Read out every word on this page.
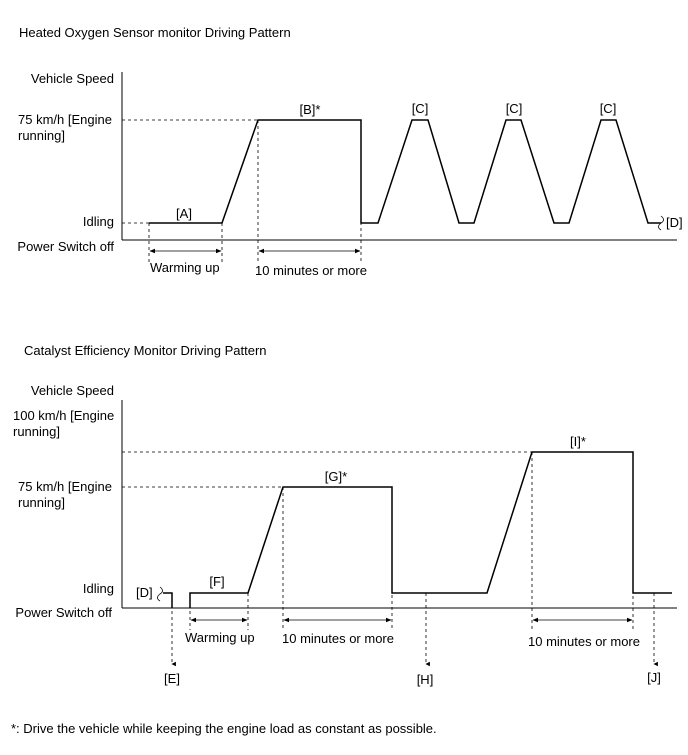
Heated Oxygen Sensor monitor Driving Pattern
Vehicle Speed
75 km/h [Engine
running]
Idling
Power Switch off
Warming up	10 minutes or more
[A]
[B]*	[C]	[C]	[C]
[D]
Catalyst Efficiency Monitor Driving Pattern
Vehicle Speed
100 km/h [Engine
running]
75 km/h [Engine
running]
Idling
Power Switch off
Warming up 10 minutes or more	10 minutes or more
[D]
[F]
[G]*
[I]*
[E]	[H]	[J]
*: Drive the vehicle while keeping the engine load as constant as possible.
